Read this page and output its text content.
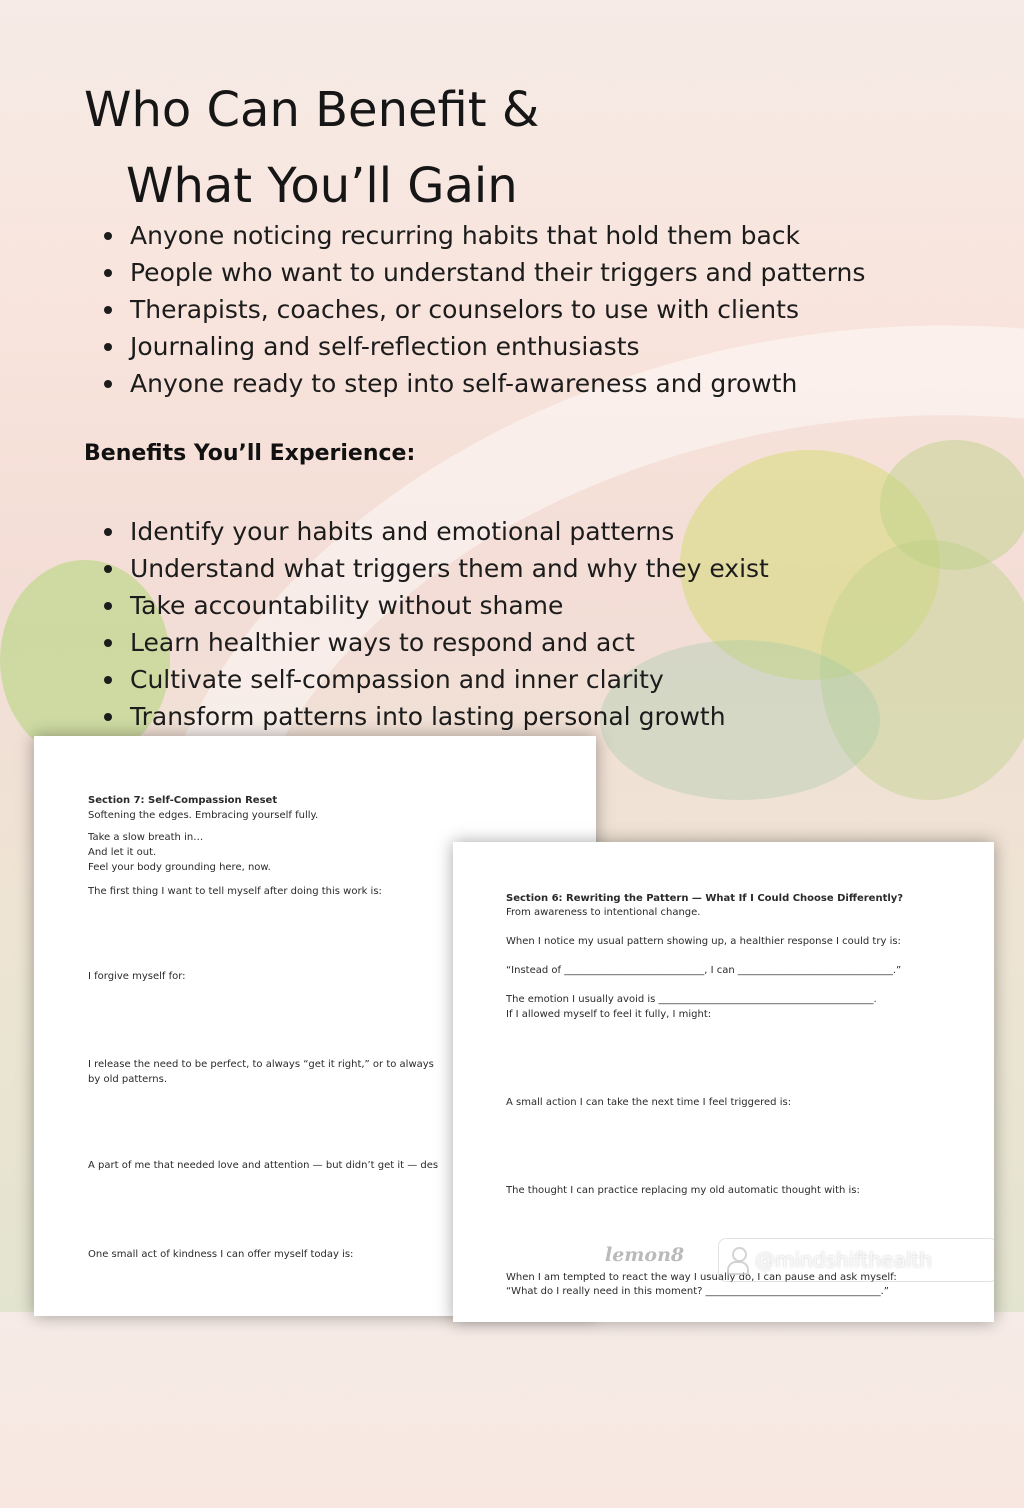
Who Can Benefit &
What You’ll Gain
Anyone noticing recurring habits that hold them back
People who want to understand their triggers and patterns
Therapists, coaches, or counselors to use with clients
Journaling and self-reflection enthusiasts
Anyone ready to step into self-awareness and growth
Benefits You’ll Experience:
Identify your habits and emotional patterns
Understand what triggers them and why they exist
Take accountability without shame
Learn healthier ways to respond and act
Cultivate self-compassion and inner clarity
Transform patterns into lasting personal growth
Section 7: Self-Compassion Reset
Softening the edges. Embracing yourself fully.
Take a slow breath in…
And let it out.
Feel your body grounding here, now.
The first thing I want to tell myself after doing this work is:
I forgive myself for:
I release the need to be perfect, to always “get it right,” or to always
by old patterns.
A part of me that needed love and attention — but didn’t get it — des
One small act of kindness I can offer myself today is:
Section 6: Rewriting the Pattern — What If I Could Choose Differently?
From awareness to intentional change.
When I notice my usual pattern showing up, a healthier response I could try is:
“Instead of ____________________________, I can _______________________________.”
The emotion I usually avoid is ___________________________________________.
If I allowed myself to feel it fully, I might:
A small action I can take the next time I feel triggered is:
The thought I can practice replacing my old automatic thought with is:
When I am tempted to react the way I usually do, I can pause and ask myself:
“What do I really need in this moment? ___________________________________.”
lemon8	@mindshifthealth
